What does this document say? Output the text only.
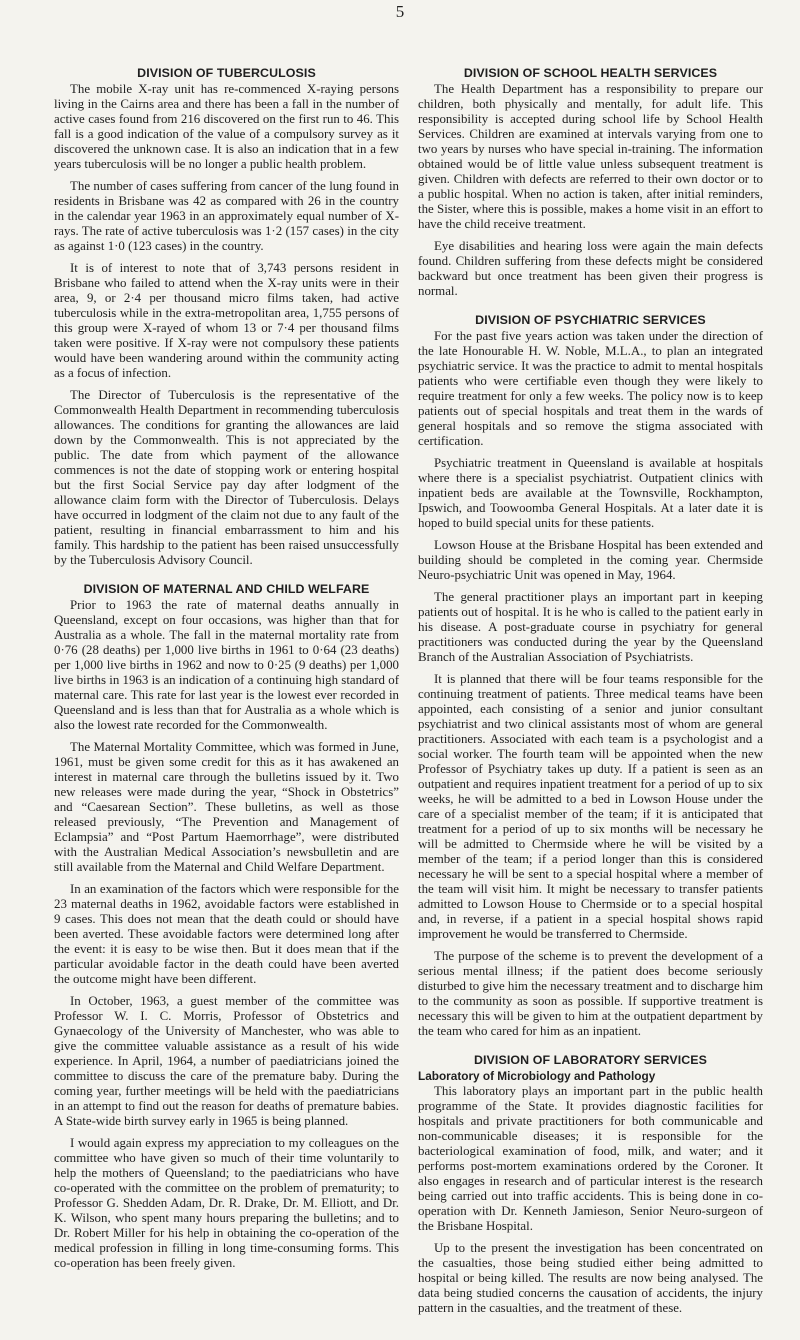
5
DIVISION OF TUBERCULOSIS

The mobile X-ray unit has re-commenced X-raying persons living in the Cairns area and there has been a fall in the number of active cases found from 216 discovered on the first run to 46. This fall is a good indication of the value of a compulsory survey as it discovered the unknown case. It is also an indication that in a few years tuberculosis will be no longer a public health problem.

The number of cases suffering from cancer of the lung found in residents in Brisbane was 42 as compared with 26 in the country in the calendar year 1963 in an approximately equal number of X-rays. The rate of active tuberculosis was 1·2 (157 cases) in the city as against 1·0 (123 cases) in the country.

It is of interest to note that of 3,743 persons resident in Brisbane who failed to attend when the X-ray units were in their area, 9, or 2·4 per thousand micro films taken, had active tuberculosis while in the extra-metropolitan area, 1,755 persons of this group were X-rayed of whom 13 or 7·4 per thousand films taken were positive. If X-ray were not compulsory these patients would have been wandering around within the community acting as a focus of infection.

The Director of Tuberculosis is the representative of the Commonwealth Health Department in recommending tuberculosis allowances. The conditions for granting the allowances are laid down by the Commonwealth. This is not appreciated by the public. The date from which payment of the allowance commences is not the date of stopping work or entering hospital but the first Social Service pay day after lodgment of the allowance claim form with the Director of Tuberculosis. Delays have occurred in lodgment of the claim not due to any fault of the patient, resulting in financial embarrassment to him and his family. This hardship to the patient has been raised unsuccessfully by the Tuberculosis Advisory Council.

DIVISION OF MATERNAL AND CHILD WELFARE

Prior to 1963 the rate of maternal deaths annually in Queensland, except on four occasions, was higher than that for Australia as a whole. The fall in the maternal mortality rate from 0·76 (28 deaths) per 1,000 live births in 1961 to 0·64 (23 deaths) per 1,000 live births in 1962 and now to 0·25 (9 deaths) per 1,000 live births in 1963 is an indication of a continuing high standard of maternal care. This rate for last year is the lowest ever recorded in Queensland and is less than that for Australia as a whole which is also the lowest rate recorded for the Commonwealth.

The Maternal Mortality Committee, which was formed in June, 1961, must be given some credit for this as it has awakened an interest in maternal care through the bulletins issued by it. Two new releases were made during the year, “Shock in Obstetrics” and “Caesarean Section”. These bulletins, as well as those released previously, “The Prevention and Management of Eclampsia” and “Post Partum Haemorrhage”, were distributed with the Australian Medical Association’s newsbulletin and are still available from the Maternal and Child Welfare Department.

In an examination of the factors which were responsible for the 23 maternal deaths in 1962, avoidable factors were established in 9 cases. This does not mean that the death could or should have been averted. These avoidable factors were determined long after the event: it is easy to be wise then. But it does mean that if the particular avoidable factor in the death could have been averted the outcome might have been different.

In October, 1963, a guest member of the committee was Professor W. I. C. Morris, Professor of Obstetrics and Gynaecology of the University of Manchester, who was able to give the committee valuable assistance as a result of his wide experience. In April, 1964, a number of paediatricians joined the committee to discuss the care of the premature baby. During the coming year, further meetings will be held with the paediatricians in an attempt to find out the reason for deaths of premature babies. A State-wide birth survey early in 1965 is being planned.

I would again express my appreciation to my colleagues on the committee who have given so much of their time voluntarily to help the mothers of Queensland; to the paediatricians who have co-operated with the committee on the problem of prematurity; to Professor G. Shedden Adam, Dr. R. Drake, Dr. M. Elliott, and Dr. K. Wilson, who spent many hours preparing the bulletins; and to Dr. Robert Miller for his help in obtaining the co-operation of the medical profession in filling in long time-consuming forms. This co-operation has been freely given.

DIVISION OF SCHOOL HEALTH SERVICES

The Health Department has a responsibility to prepare our children, both physically and mentally, for adult life. This responsibility is accepted during school life by School Health Services. Children are examined at intervals varying from one to two years by nurses who have special in-training. The information obtained would be of little value unless subsequent treatment is given. Children with defects are referred to their own doctor or to a public hospital. When no action is taken, after initial reminders, the Sister, where this is possible, makes a home visit in an effort to have the child receive treatment.

Eye disabilities and hearing loss were again the main defects found. Children suffering from these defects might be considered backward but once treatment has been given their progress is normal.

DIVISION OF PSYCHIATRIC SERVICES

For the past five years action was taken under the direction of the late Honourable H. W. Noble, M.L.A., to plan an integrated psychiatric service. It was the practice to admit to mental hospitals patients who were certifiable even though they were likely to require treatment for only a few weeks. The policy now is to keep patients out of special hospitals and treat them in the wards of general hospitals and so remove the stigma associated with certification.

Psychiatric treatment in Queensland is available at hospitals where there is a specialist psychiatrist. Outpatient clinics with inpatient beds are available at the Townsville, Rockhampton, Ipswich, and Toowoomba General Hospitals. At a later date it is hoped to build special units for these patients.

Lowson House at the Brisbane Hospital has been extended and building should be completed in the coming year. Chermside Neuro-psychiatric Unit was opened in May, 1964.

The general practitioner plays an important part in keeping patients out of hospital. It is he who is called to the patient early in his disease. A post-graduate course in psychiatry for general practitioners was conducted during the year by the Queensland Branch of the Australian Association of Psychiatrists.

It is planned that there will be four teams responsible for the continuing treatment of patients. Three medical teams have been appointed, each consisting of a senior and junior consultant psychiatrist and two clinical assistants most of whom are general practitioners. Associated with each team is a psychologist and a social worker. The fourth team will be appointed when the new Professor of Psychiatry takes up duty. If a patient is seen as an outpatient and requires inpatient treatment for a period of up to six weeks, he will be admitted to a bed in Lowson House under the care of a specialist member of the team; if it is anticipated that treatment for a period of up to six months will be necessary he will be admitted to Chermside where he will be visited by a member of the team; if a period longer than this is considered necessary he will be sent to a special hospital where a member of the team will visit him. It might be necessary to transfer patients admitted to Lowson House to Chermside or to a special hospital and, in reverse, if a patient in a special hospital shows rapid improvement he would be transferred to Chermside.

The purpose of the scheme is to prevent the development of a serious mental illness; if the patient does become seriously disturbed to give him the necessary treatment and to discharge him to the community as soon as possible. If supportive treatment is necessary this will be given to him at the outpatient department by the team who cared for him as an inpatient.

DIVISION OF LABORATORY SERVICES
Laboratory of Microbiology and Pathology

This laboratory plays an important part in the public health programme of the State. It provides diagnostic facilities for hospitals and private practitioners for both communicable and non-communicable diseases; it is responsible for the bacteriological examination of food, milk, and water; and it performs post-mortem examinations ordered by the Coroner. It also engages in research and of particular interest is the research being carried out into traffic accidents. This is being done in co-operation with Dr. Kenneth Jamieson, Senior Neuro-surgeon of the Brisbane Hospital.

Up to the present the investigation has been concentrated on the casualties, those being studied either being admitted to hospital or being killed. The results are now being analysed. The data being studied concerns the causation of accidents, the injury pattern in the casualties, and the treatment of these.
